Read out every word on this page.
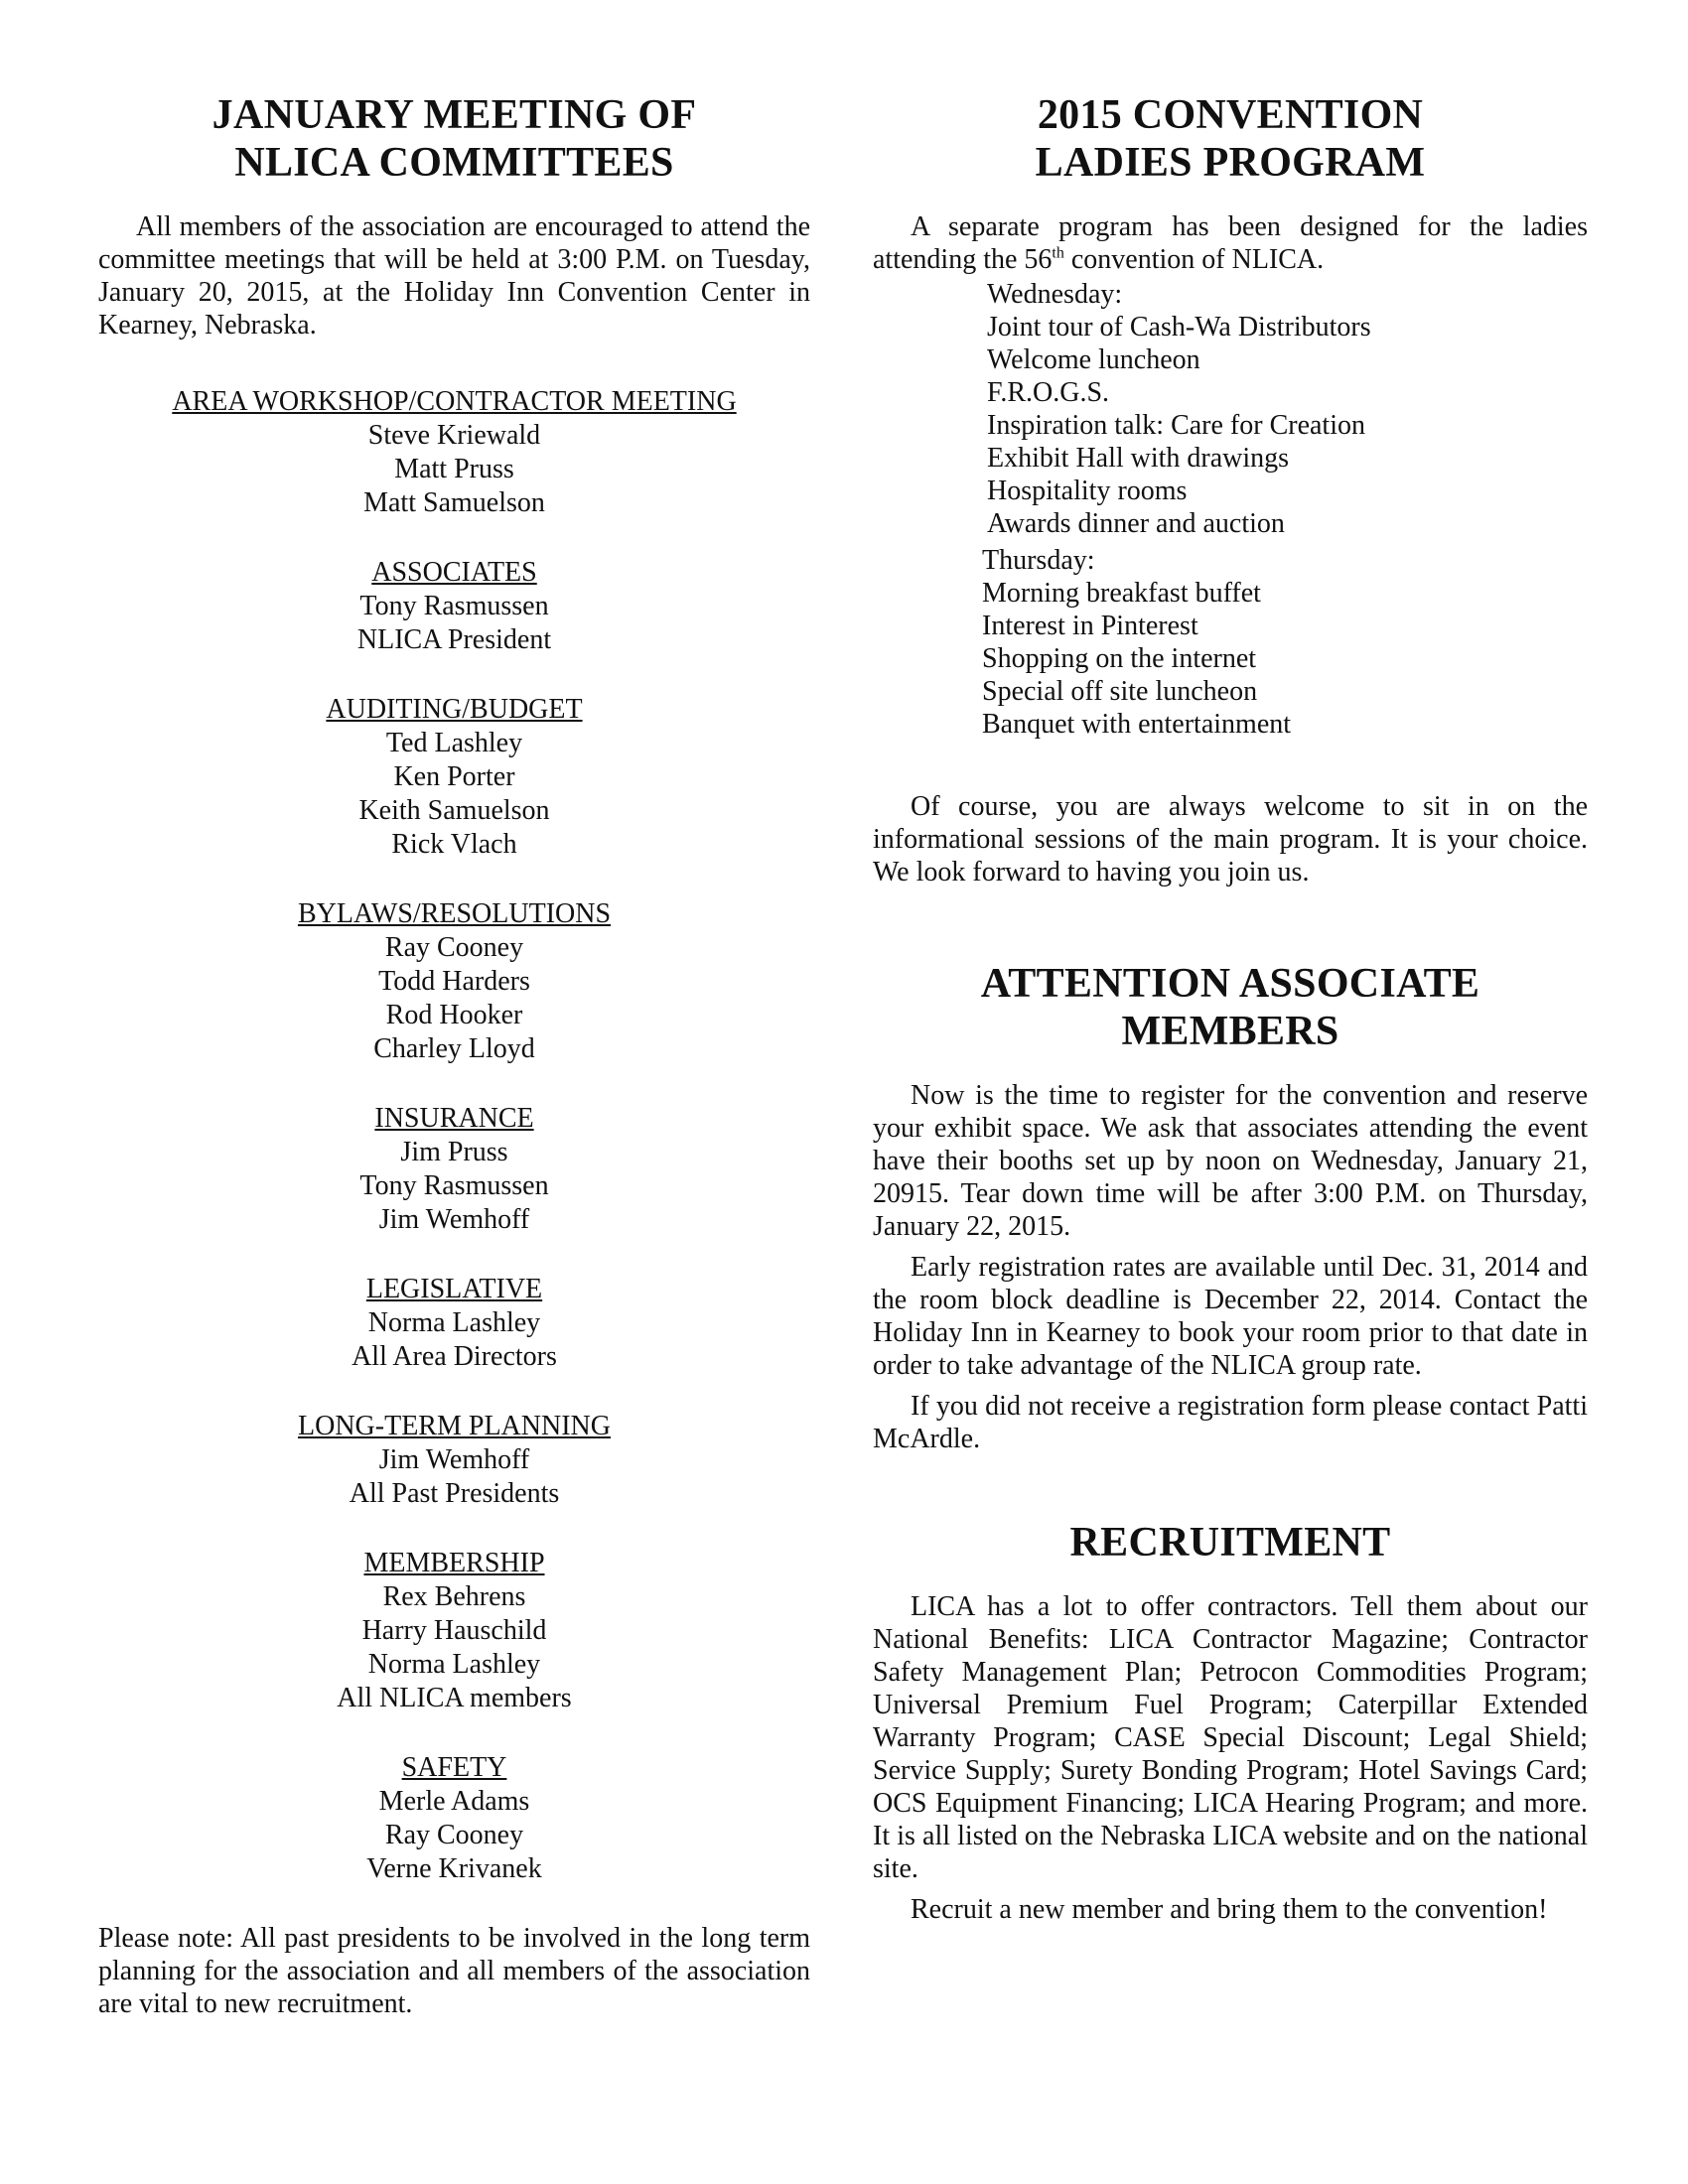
JANUARY MEETING OF
NLICA COMMITTEES

All members of the association are encouraged to attend the committee meetings that will be held at 3:00 P.M. on Tuesday, January 20, 2015, at the Holiday Inn Convention Center in Kearney, Nebraska.

AREA WORKSHOP/CONTRACTOR MEETING
Steve Kriewald
Matt Pruss
Matt Samuelson
ASSOCIATES
Tony Rasmussen
NLICA President
AUDITING/BUDGET
Ted Lashley
Ken Porter
Keith Samuelson
Rick Vlach
BYLAWS/RESOLUTIONS
Ray Cooney
Todd Harders
Rod Hooker
Charley Lloyd
INSURANCE
Jim Pruss
Tony Rasmussen
Jim Wemhoff
LEGISLATIVE
Norma Lashley
All Area Directors
LONG-TERM PLANNING
Jim Wemhoff
All Past Presidents
MEMBERSHIP
Rex Behrens
Harry Hauschild
Norma Lashley
All NLICA members
SAFETY
Merle Adams
Ray Cooney
Verne Krivanek

Please note: All past presidents to be involved in the long term planning for the association and all members of the association are vital to new recruitment.

2015 CONVENTION
LADIES PROGRAM

A separate program has been designed for the ladies attending the 56th convention of NLICA.

Wednesday:
Joint tour of Cash-Wa Distributors
Welcome luncheon
F.R.O.G.S.
Inspiration talk: Care for Creation
Exhibit Hall with drawings
Hospitality rooms
Awards dinner and auction
Thursday:
Morning breakfast buffet
Interest in Pinterest
Shopping on the internet
Special off site luncheon
Banquet with entertainment

Of course, you are always welcome to sit in on the informational sessions of the main program. It is your choice. We look forward to having you join us.

ATTENTION ASSOCIATE
MEMBERS

Now is the time to register for the convention and reserve your exhibit space. We ask that associates attending the event have their booths set up by noon on Wednesday, January 21, 20915. Tear down time will be after 3:00 P.M. on Thursday, January 22, 2015.

Early registration rates are available until Dec. 31, 2014 and the room block deadline is December 22, 2014. Contact the Holiday Inn in Kearney to book your room prior to that date in order to take advantage of the NLICA group rate.

If you did not receive a registration form please contact Patti McArdle.

RECRUITMENT

LICA has a lot to offer contractors. Tell them about our National Benefits: LICA Contractor Magazine; Contractor Safety Management Plan; Petrocon Commodities Program; Universal Premium Fuel Program; Caterpillar Extended Warranty Program; CASE Special Discount; Legal Shield; Service Supply; Surety Bonding Program; Hotel Savings Card; OCS Equipment Financing; LICA Hearing Program; and more. It is all listed on the Nebraska LICA website and on the national site.

Recruit a new member and bring them to the convention!
